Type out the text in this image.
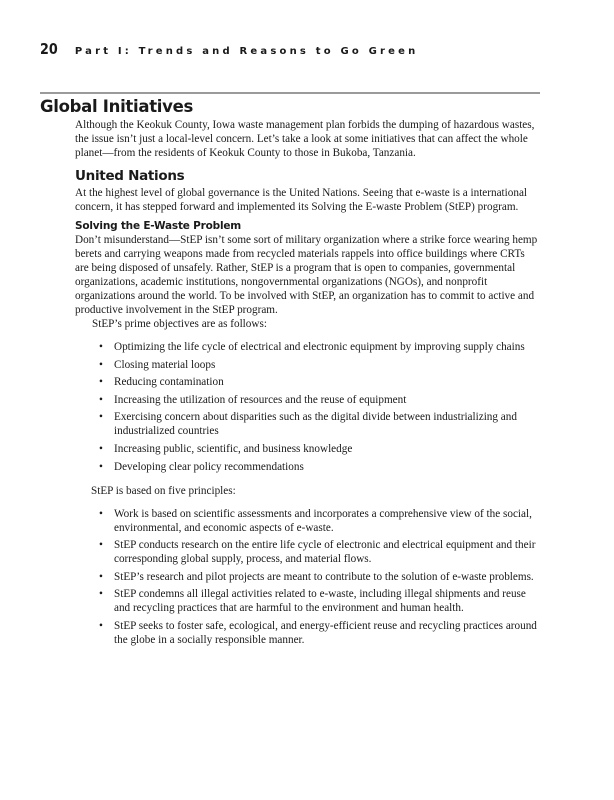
20 Part I: Trends and Reasons to Go Green
Global Initiatives

Although the Keokuk County, Iowa waste management plan forbids the dumping of hazardous wastes, the issue isn’t just a local-level concern. Let’s take a look at some initiatives that can affect the whole planet—from the residents of Keokuk County to those in Bukoba, Tanzania.

United Nations

At the highest level of global governance is the United Nations. Seeing that e-waste is a international concern, it has stepped forward and implemented its Solving the E-waste Problem (StEP) program.

Solving the E-Waste Problem

Don’t misunderstand—StEP isn’t some sort of military organization where a strike force wearing hemp berets and carrying weapons made from recycled materials rappels into office buildings where CRTs are being disposed of unsafely. Rather, StEP is a program that is open to companies, governmental organizations, academic institutions, nongovernmental organizations (NGOs), and nonprofit organizations around the world. To be involved with StEP, an organization has to commit to active and productive involvement in the StEP program.

StEP’s prime objectives are as follows:

• Optimizing the life cycle of electrical and electronic equipment by improving supply chains
• Closing material loops
• Reducing contamination
• Increasing the utilization of resources and the reuse of equipment
• Exercising concern about disparities such as the digital divide between industrializing and industrialized countries
• Increasing public, scientific, and business knowledge
• Developing clear policy recommendations

StEP is based on five principles:

• Work is based on scientific assessments and incorporates a comprehensive view of the social, environmental, and economic aspects of e-waste.
• StEP conducts research on the entire life cycle of electronic and electrical equipment and their corresponding global supply, process, and material flows.
• StEP’s research and pilot projects are meant to contribute to the solution of e-waste problems.
• StEP condemns all illegal activities related to e-waste, including illegal shipments and reuse and recycling practices that are harmful to the environment and human health.
• StEP seeks to foster safe, ecological, and energy-efficient reuse and recycling practices around the globe in a socially responsible manner.
